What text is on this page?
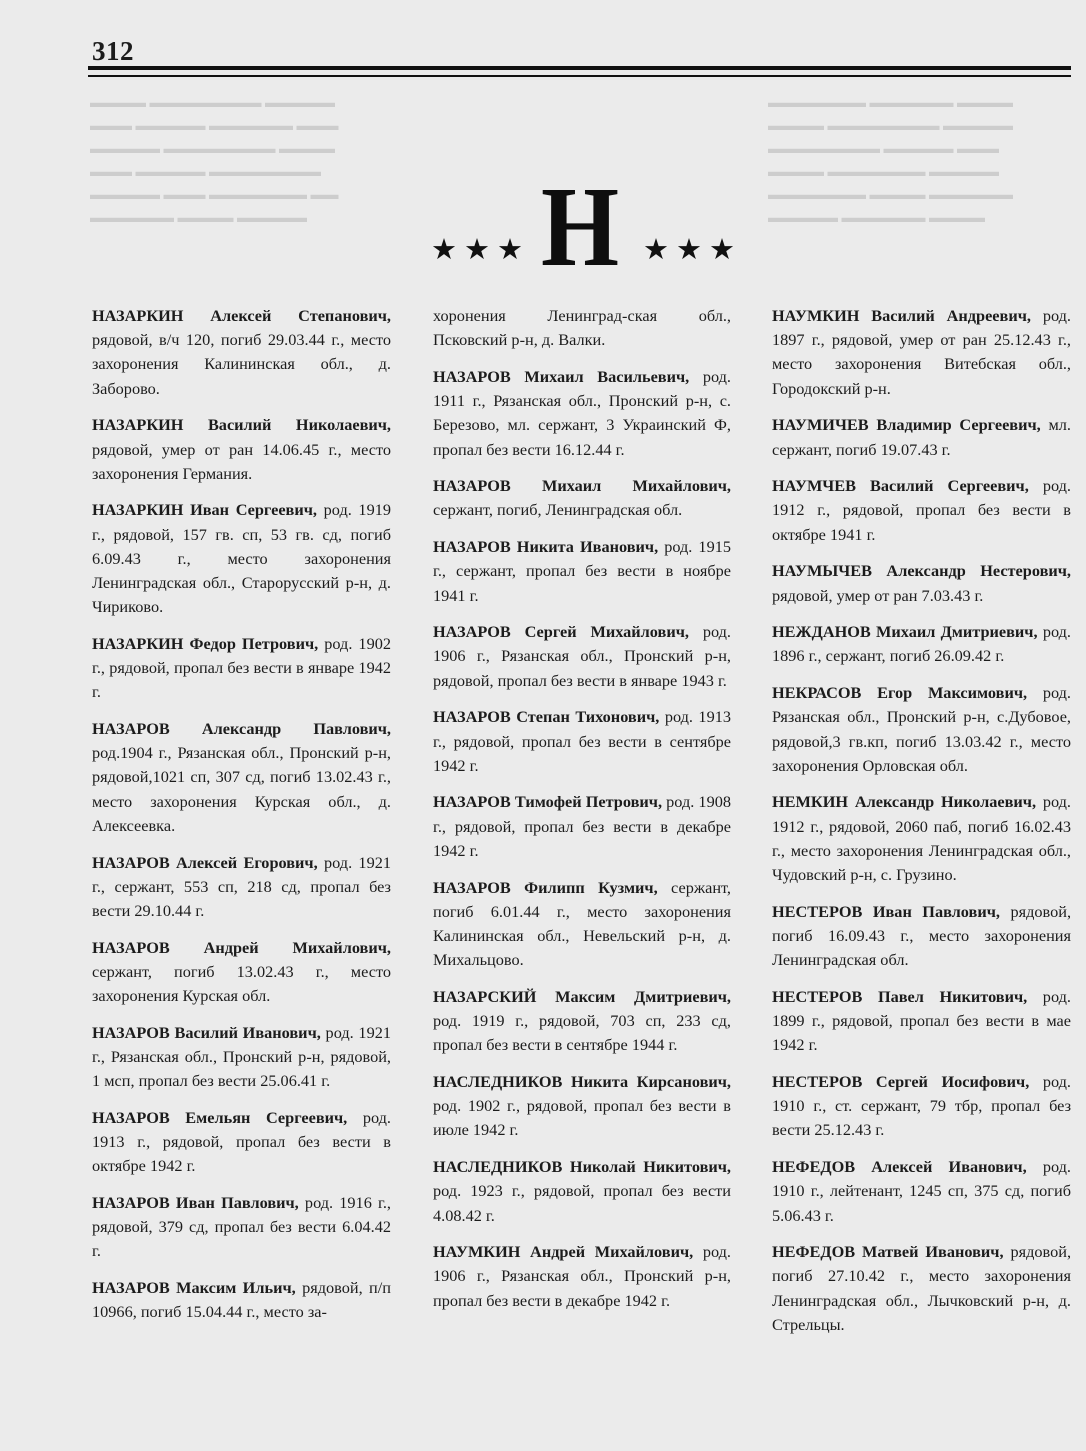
312
▬▬▬▬ ▬▬▬▬▬▬▬▬ ▬▬▬▬▬
▬▬▬ ▬▬▬▬▬ ▬▬▬▬▬▬ ▬▬▬
▬▬▬▬▬ ▬▬▬▬▬▬▬▬ ▬▬▬▬
▬▬▬ ▬▬▬▬▬ ▬▬▬▬▬▬▬▬
▬▬▬▬▬ ▬▬▬ ▬▬▬▬▬▬▬ ▬▬
▬▬▬▬▬▬ ▬▬▬▬ ▬▬▬▬▬
▬▬▬▬▬▬▬ ▬▬▬▬▬▬ ▬▬▬▬
▬▬▬▬ ▬▬▬▬▬▬▬▬ ▬▬▬▬▬
▬▬▬▬▬▬▬▬ ▬▬▬▬▬ ▬▬▬
▬▬▬▬ ▬▬▬▬▬▬▬ ▬▬▬▬▬
▬▬▬▬▬▬▬ ▬▬▬▬ ▬▬▬▬▬▬
▬▬▬▬▬ ▬▬▬▬▬▬ ▬▬▬▬
Н
★★★	★★★

НАЗАРКИН Алексей Степанович, рядовой, в/ч 120, погиб 29.03.44 г., место захоронения Калининская обл., д. Заборово.

НАЗАРКИН Василий Николаевич, рядовой, умер от ран 14.06.45 г., место захоронения Германия.

НАЗАРКИН Иван Сергеевич, род. 1919 г., рядовой, 157 гв. сп, 53 гв. сд, погиб 6.09.43 г., место захоронения Ленинградская обл., Старорусский р-н, д. Чириково.

НАЗАРКИН Федор Петрович, род. 1902 г., рядовой, пропал без вести в январе 1942 г.

НАЗАРОВ Александр Павлович, род.1904 г., Рязанская обл., Пронский р-н, рядовой,1021 сп, 307 сд, погиб 13.02.43 г., место захоронения Курская обл., д. Алексеевка.

НАЗАРОВ Алексей Егорович, род. 1921 г., сержант, 553 сп, 218 сд, пропал без вести 29.10.44 г.

НАЗАРОВ Андрей Михайлович, сержант, погиб 13.02.43 г., место захоронения Курская обл.

НАЗАРОВ Василий Иванович, род. 1921 г., Рязанская обл., Пронский р-н, рядовой, 1 мсп, пропал без вести 25.06.41 г.

НАЗАРОВ Емельян Сергеевич, род. 1913 г., рядовой, пропал без вести в октябре 1942 г.

НАЗАРОВ Иван Павлович, род. 1916 г., рядовой, 379 сд, пропал без вести 6.04.42 г.

НАЗАРОВ Максим Ильич, рядовой, п/п 10966, погиб 15.04.44 г., место за-

хоронения Ленинград-ская обл., Псковский р-н, д. Валки.

НАЗАРОВ Михаил Васильевич, род. 1911 г., Рязанская обл., Пронский р-н, с. Березово, мл. сержант, 3 Украинский Ф, пропал без вести 16.12.44 г.

НАЗАРОВ Михаил Михайлович, сержант, погиб, Ленинградская обл.

НАЗАРОВ Никита Иванович, род. 1915 г., сержант, пропал без вести в ноябре 1941 г.

НАЗАРОВ Сергей Михайлович, род. 1906 г., Рязанская обл., Пронский р-н, рядовой, пропал без вести в январе 1943 г.

НАЗАРОВ Степан Тихонович, род. 1913 г., рядовой, пропал без вести в сентябре 1942 г.

НАЗАРОВ Тимофей Петрович, род. 1908 г., рядовой, пропал без вести в декабре 1942 г.

НАЗАРОВ Филипп Кузмич, сержант, погиб 6.01.44 г., место захоронения Калининская обл., Невельский р-н, д. Михальцово.

НАЗАРСКИЙ Максим Дмитриевич, род. 1919 г., рядовой, 703 сп, 233 сд, пропал без вести в сентябре 1944 г.

НАСЛЕДНИКОВ Никита Кирсанович, род. 1902 г., рядовой, пропал без вести в июле 1942 г.

НАСЛЕДНИКОВ Николай Никитович, род. 1923 г., рядовой, пропал без вести 4.08.42 г.

НАУМКИН Андрей Михайлович, род. 1906 г., Рязанская обл., Пронский р-н, пропал без вести в декабре 1942 г.

НАУМКИН Василий Андреевич, род. 1897 г., рядовой, умер от ран 25.12.43 г., место захоронения Витебская обл., Городокский р-н.

НАУМИЧЕВ Владимир Сергеевич, мл. сержант, погиб 19.07.43 г.

НАУМЧЕВ Василий Сергеевич, род. 1912 г., рядовой, пропал без вести в октябре 1941 г.

НАУМЫЧЕВ Александр Нестерович, рядовой, умер от ран 7.03.43 г.

НЕЖДАНОВ Михаил Дмитриевич, род. 1896 г., сержант, погиб 26.09.42 г.

НЕКРАСОВ Егор Максимович, род. Рязанская обл., Пронский р-н, с.Дубовое, рядовой,3 гв.кп, погиб 13.03.42 г., место захоронения Орловская обл.

НЕМКИН Александр Николаевич, род. 1912 г., рядовой, 2060 паб, погиб 16.02.43 г., место захоронения Ленинградская обл., Чудовский р-н, с. Грузино.

НЕСТЕРОВ Иван Павлович, рядовой, погиб 16.09.43 г., место захоронения Ленинградская обл.

НЕСТЕРОВ Павел Никитович, род. 1899 г., рядовой, пропал без вести в мае 1942 г.

НЕСТЕРОВ Сергей Иосифович, род. 1910 г., ст. сержант, 79 тбр, пропал без вести 25.12.43 г.

НЕФЕДОВ Алексей Иванович, род. 1910 г., лейтенант, 1245 сп, 375 сд, погиб 5.06.43 г.

НЕФЕДОВ Матвей Иванович, рядовой, погиб 27.10.42 г., место захоронения Ленинградская обл., Лычковский р-н, д. Стрельцы.
